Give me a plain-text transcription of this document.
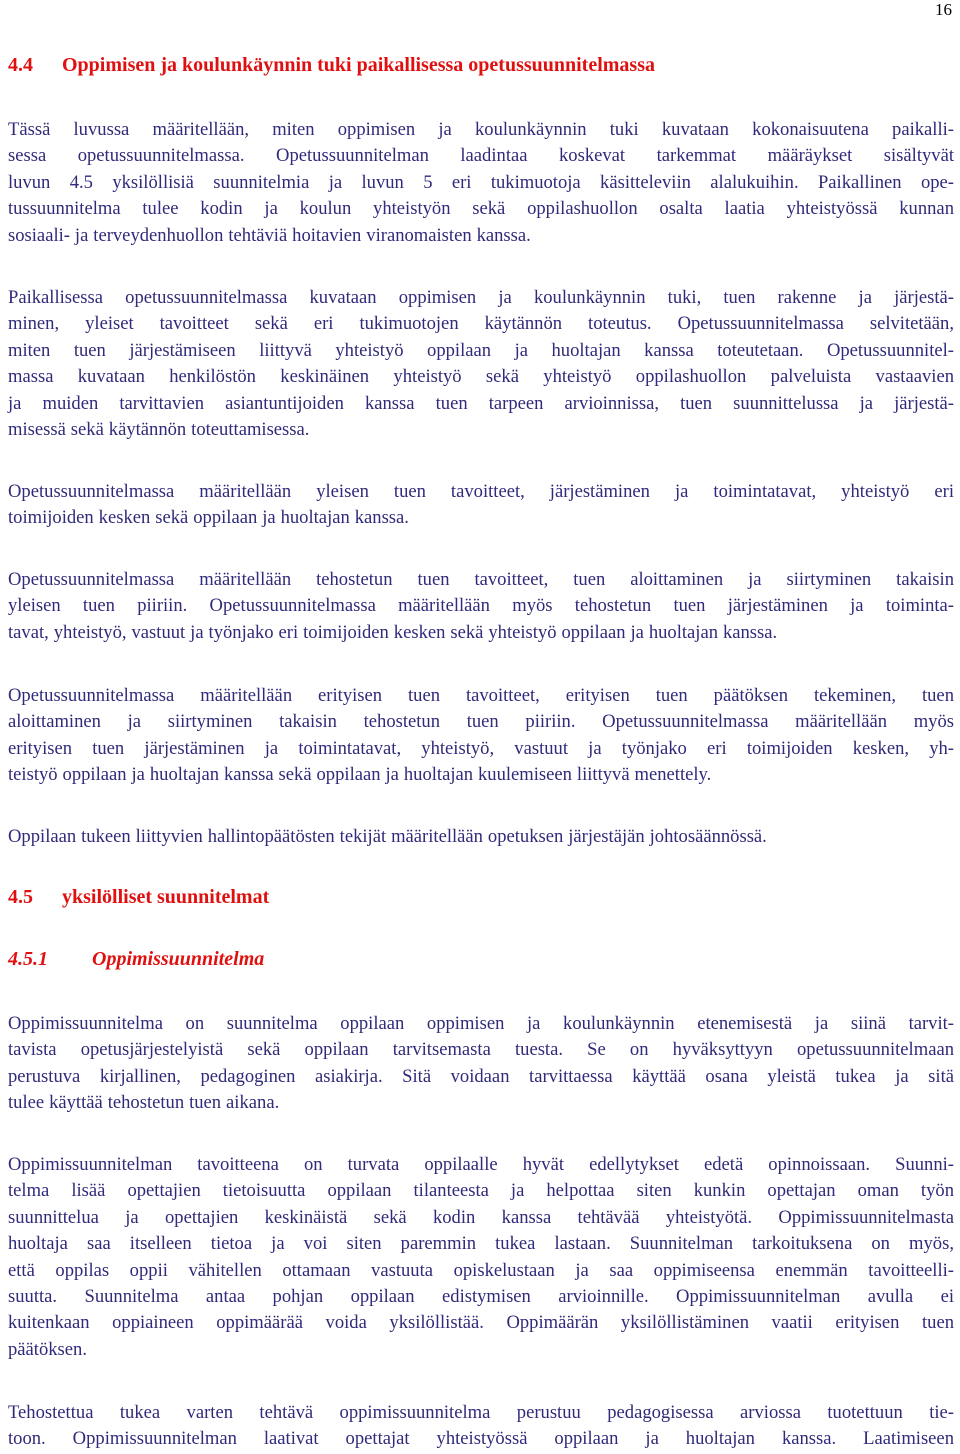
16
4.4 Oppimisen ja koulunkäynnin tuki paikallisessa opetussuunnitelmassa
Tässä luvussa määritellään, miten oppimisen ja koulunkäynnin tuki kuvataan kokonaisuutena paikalli-
sessa opetussuunnitelmassa. Opetussuunnitelman laadintaa koskevat tarkemmat määräykset sisältyvät
luvun 4.5 yksilöllisiä suunnitelmia ja luvun 5 eri tukimuotoja käsitteleviin alalukuihin. Paikallinen ope-
tussuunnitelma tulee kodin ja koulun yhteistyön sekä oppilashuollon osalta laatia yhteistyössä kunnan
sosiaali- ja terveydenhuollon tehtäviä hoitavien viranomaisten kanssa.
Paikallisessa opetussuunnitelmassa kuvataan oppimisen ja koulunkäynnin tuki, tuen rakenne ja järjestä-
minen, yleiset tavoitteet sekä eri tukimuotojen käytännön toteutus. Opetussuunnitelmassa selvitetään,
miten tuen järjestämiseen liittyvä yhteistyö oppilaan ja huoltajan kanssa toteutetaan. Opetussuunnitel-
massa kuvataan henkilöstön keskinäinen yhteistyö sekä yhteistyö oppilashuollon palveluista vastaavien
ja muiden tarvittavien asiantuntijoiden kanssa tuen tarpeen arvioinnissa, tuen suunnittelussa ja järjestä-
misessä sekä käytännön toteuttamisessa.
Opetussuunnitelmassa määritellään yleisen tuen tavoitteet, järjestäminen ja toimintatavat, yhteistyö eri
toimijoiden kesken sekä oppilaan ja huoltajan kanssa.
Opetussuunnitelmassa määritellään tehostetun tuen tavoitteet, tuen aloittaminen ja siirtyminen takaisin
yleisen tuen piiriin. Opetussuunnitelmassa määritellään myös tehostetun tuen järjestäminen ja toiminta-
tavat, yhteistyö, vastuut ja työnjako eri toimijoiden kesken sekä yhteistyö oppilaan ja huoltajan kanssa.
Opetussuunnitelmassa määritellään erityisen tuen tavoitteet, erityisen tuen päätöksen tekeminen, tuen
aloittaminen ja siirtyminen takaisin tehostetun tuen piiriin. Opetussuunnitelmassa määritellään myös
erityisen tuen järjestäminen ja toimintatavat, yhteistyö, vastuut ja työnjako eri toimijoiden kesken, yh-
teistyö oppilaan ja huoltajan kanssa sekä oppilaan ja huoltajan kuulemiseen liittyvä menettely.
Oppilaan tukeen liittyvien hallintopäätösten tekijät määritellään opetuksen järjestäjän johtosäännössä.
4.5 yksilölliset suunnitelmat
4.5.1 Oppimissuunnitelma
Oppimissuunnitelma on suunnitelma oppilaan oppimisen ja koulunkäynnin etenemisestä ja siinä tarvit-
tavista opetusjärjestelyistä sekä oppilaan tarvitsemasta tuesta. Se on hyväksyttyyn opetussuunnitelmaan
perustuva kirjallinen, pedagoginen asiakirja. Sitä voidaan tarvittaessa käyttää osana yleistä tukea ja sitä
tulee käyttää tehostetun tuen aikana.
Oppimissuunnitelman tavoitteena on turvata oppilaalle hyvät edellytykset edetä opinnoissaan. Suunni-
telma lisää opettajien tietoisuutta oppilaan tilanteesta ja helpottaa siten kunkin opettajan oman työn
suunnittelua ja opettajien keskinäistä sekä kodin kanssa tehtävää yhteistyötä. Oppimissuunnitelmasta
huoltaja saa itselleen tietoa ja voi siten paremmin tukea lastaan. Suunnitelman tarkoituksena on myös,
että oppilas oppii vähitellen ottamaan vastuuta opiskelustaan ja saa oppimiseensa enemmän tavoitteelli-
suutta. Suunnitelma antaa pohjan oppilaan edistymisen arvioinnille. Oppimissuunnitelman avulla ei
kuitenkaan oppiaineen oppimäärää voida yksilöllistää. Oppimäärän yksilöllistäminen vaatii erityisen tuen
päätöksen.
Tehostettua tukea varten tehtävä oppimissuunnitelma perustuu pedagogisessa arviossa tuotettuun tie-
toon. Oppimissuunnitelman laativat opettajat yhteistyössä oppilaan ja huoltajan kanssa. Laatimiseen
